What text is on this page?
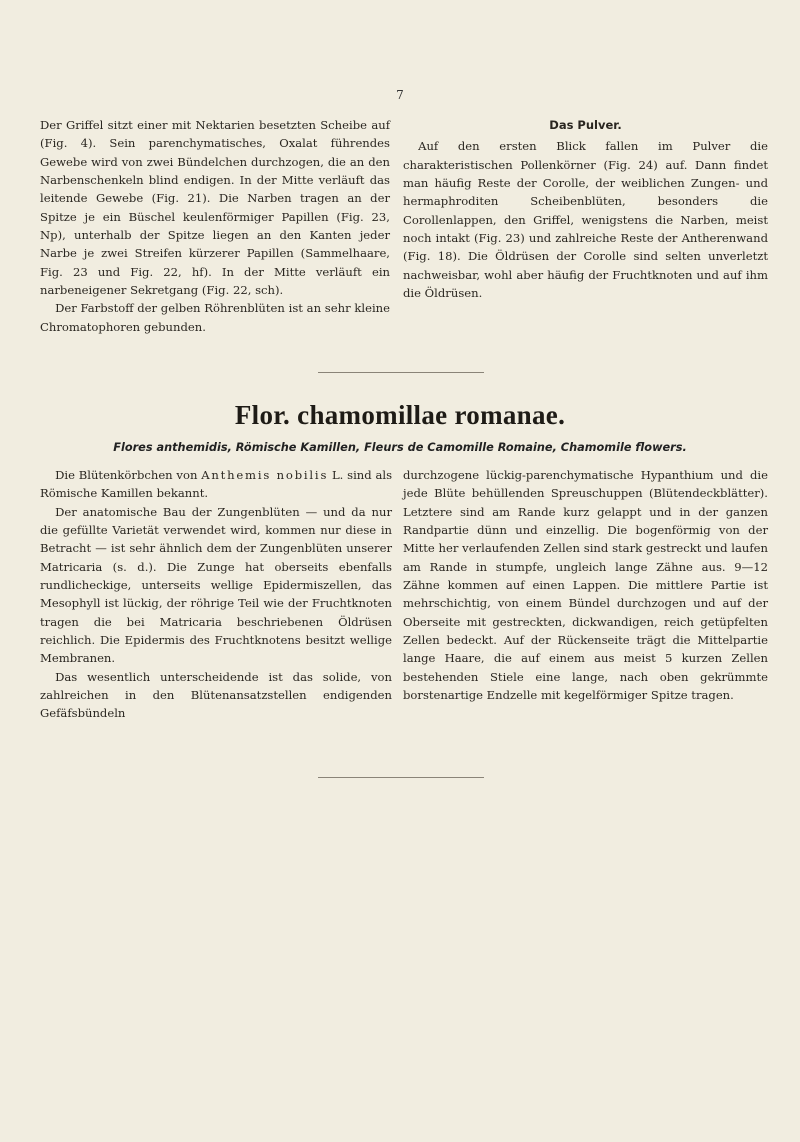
7

Der Griffel sitzt einer mit Nektarien besetzten Scheibe auf (Fig. 4). Sein parenchymatisches, Oxalat führendes Gewebe wird von zwei Bündelchen durchzogen, die an den Narbenschenkeln blind endigen. In der Mitte verläuft das leitende Gewebe (Fig. 21). Die Narben tragen an der Spitze je ein Büschel keulenförmiger Papillen (Fig. 23, Np), unterhalb der Spitze liegen an den Kanten jeder Narbe je zwei Streifen kürzerer Papillen (Sammelhaare, Fig. 23 und Fig. 22, hf). In der Mitte verläuft ein narbeneigener Sekretgang (Fig. 22, sch).

Der Farbstoff der gelben Röhrenblüten ist an sehr kleine Chromatophoren gebunden.

Das Pulver.

Auf den ersten Blick fallen im Pulver die charakteristischen Pollenkörner (Fig. 24) auf. Dann findet man häufig Reste der Corolle, der weiblichen Zungen- und hermaphroditen Scheibenblüten, besonders die Corollenlappen, den Griffel, wenigstens die Narben, meist noch intakt (Fig. 23) und zahlreiche Reste der Antherenwand (Fig. 18). Die Öldrüsen der Corolle sind selten unverletzt nachweisbar, wohl aber häufig der Fruchtknoten und auf ihm die Öldrüsen.

Flor. chamomillae romanae.
Flores anthemidis, Römische Kamillen, Fleurs de Camomille Romaine, Chamomile flowers.

Die Blütenkörbchen von Anthemis nobilis L. sind als Römische Kamillen bekannt.

Der anatomische Bau der Zungenblüten — und da nur die gefüllte Varietät verwendet wird, kommen nur diese in Betracht — ist sehr ähnlich dem der Zungenblüten unserer Matricaria (s. d.). Die Zunge hat oberseits ebenfalls rundlicheckige, unterseits wellige Epidermiszellen, das Mesophyll ist lückig, der röhrige Teil wie der Fruchtknoten tragen die bei Matricaria beschriebenen Öldrüsen reichlich. Die Epidermis des Fruchtknotens besitzt wellige Membranen.

Das wesentlich unterscheidende ist das solide, von zahlreichen in den Blütenansatzstellen endigenden Gefäfsbündeln

durchzogene lückig-parenchymatische Hypanthium und die jede Blüte behüllenden Spreuschuppen (Blütendeckblätter). Letztere sind am Rande kurz gelappt und in der ganzen Randpartie dünn und einzellig. Die bogenförmig von der Mitte her verlaufenden Zellen sind stark gestreckt und laufen am Rande in stumpfe, ungleich lange Zähne aus. 9—12 Zähne kommen auf einen Lappen. Die mittlere Partie ist mehrschichtig, von einem Bündel durchzogen und auf der Oberseite mit gestreckten, dickwandigen, reich getüpfelten Zellen bedeckt. Auf der Rückenseite trägt die Mittelpartie lange Haare, die auf einem aus meist 5 kurzen Zellen bestehenden Stiele eine lange, nach oben gekrümmte borstenartige Endzelle mit kegelförmiger Spitze tragen.
